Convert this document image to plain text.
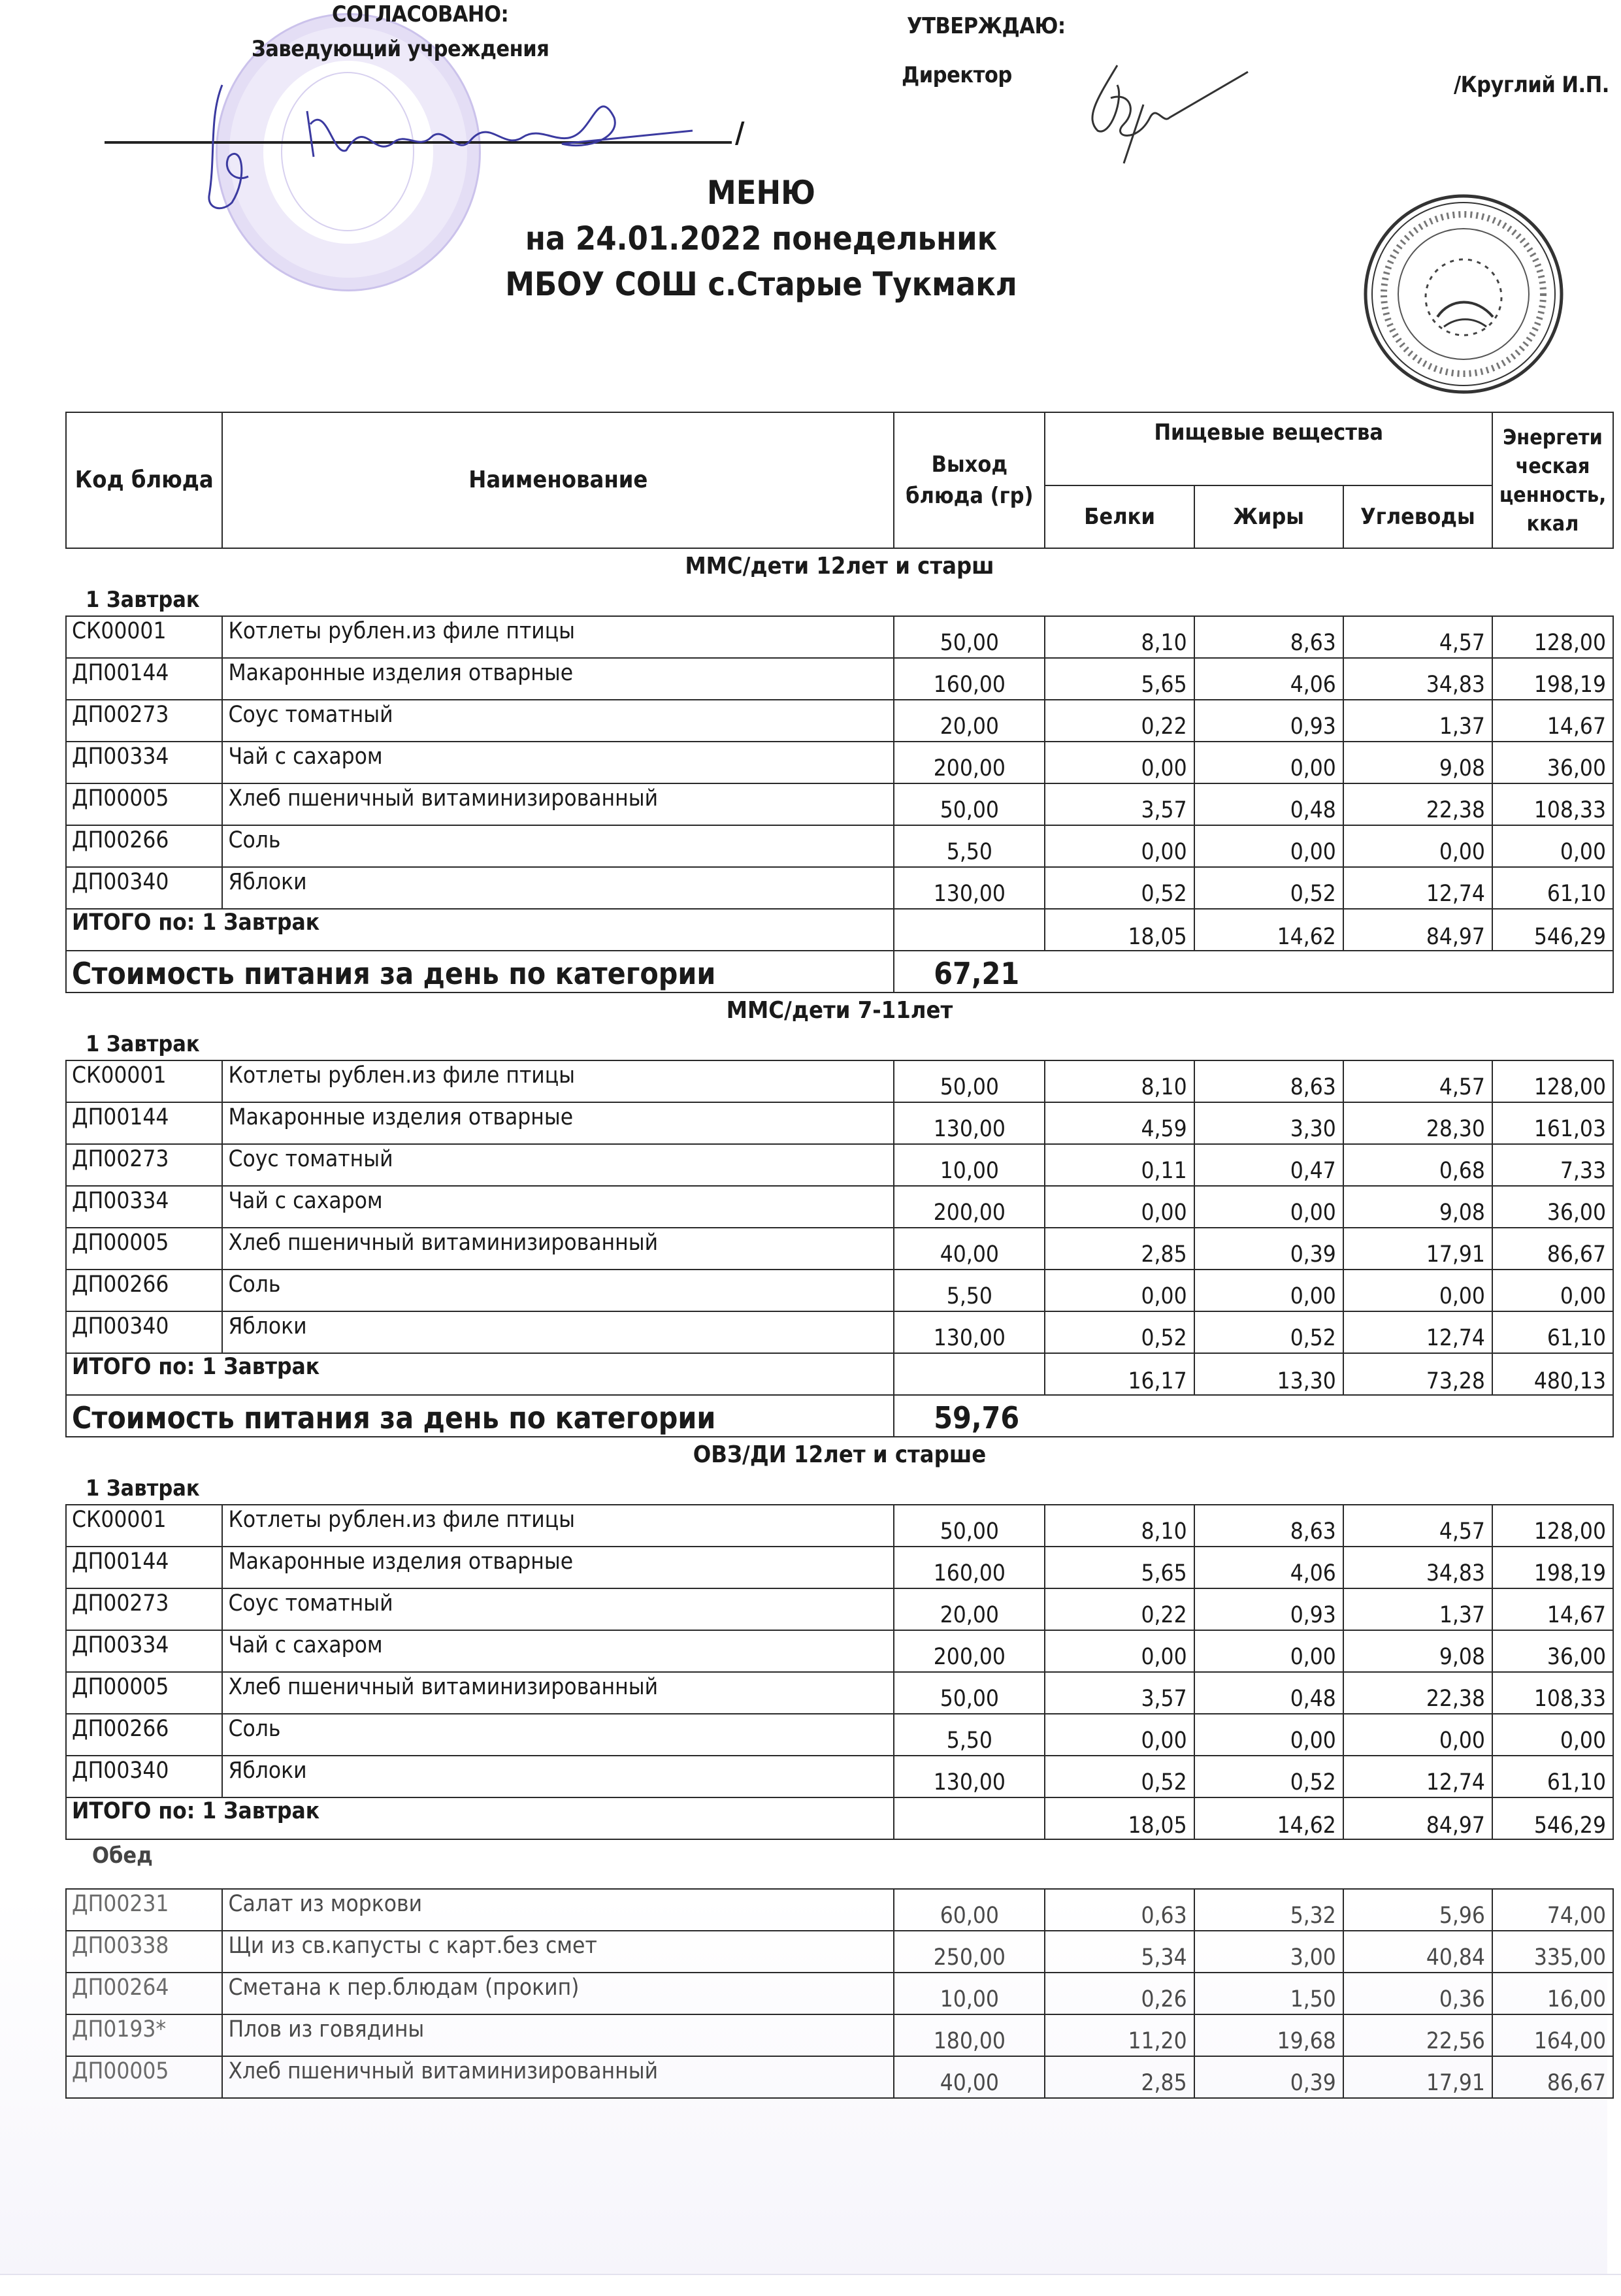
СОГЛАСОВАНО:
Заведующий учреждения
/
УТВЕРЖДАЮ:
Директор	/Круглий И.П.
МЕНЮ
на 24.01.2022 понедельник
МБОУ СОШ с.Старые Тукмакл
Код блюда	Наименование	Выход блюда (гр)	Пищевые вещества			Энергети ческая ценность, ккал
			Белки	Жиры	Углеводы	
ММС/дети 12лет и старш						
1 Завтрак						
СК00001	Котлеты рублен.из филе птицы	50,00	8,10	8,63	4,57	128,00
ДП00144	Макаронные изделия отварные	160,00	5,65	4,06	34,83	198,19
ДП00273	Соус томатный	20,00	0,22	0,93	1,37	14,67
ДП00334	Чай с сахаром	200,00	0,00	0,00	9,08	36,00
ДП00005	Хлеб пшеничный витаминизированный	50,00	3,57	0,48	22,38	108,33
ДП00266	Соль	5,50	0,00	0,00	0,00	0,00
ДП00340	Яблоки	130,00	0,52	0,52	12,74	61,10
ИТОГО по: 1 Завтрак			18,05	14,62	84,97	546,29
Стоимость питания за день по категории		67,21				
ММС/дети 7-11лет						
1 Завтрак						
СК00001	Котлеты рублен.из филе птицы	50,00	8,10	8,63	4,57	128,00
ДП00144	Макаронные изделия отварные	130,00	4,59	3,30	28,30	161,03
ДП00273	Соус томатный	10,00	0,11	0,47	0,68	7,33
ДП00334	Чай с сахаром	200,00	0,00	0,00	9,08	36,00
ДП00005	Хлеб пшеничный витаминизированный	40,00	2,85	0,39	17,91	86,67
ДП00266	Соль	5,50	0,00	0,00	0,00	0,00
ДП00340	Яблоки	130,00	0,52	0,52	12,74	61,10
ИТОГО по: 1 Завтрак			16,17	13,30	73,28	480,13
Стоимость питания за день по категории		59,76				
ОВЗ/ДИ 12лет и старше						
1 Завтрак						
СК00001	Котлеты рублен.из филе птицы	50,00	8,10	8,63	4,57	128,00
ДП00144	Макаронные изделия отварные	160,00	5,65	4,06	34,83	198,19
ДП00273	Соус томатный	20,00	0,22	0,93	1,37	14,67
ДП00334	Чай с сахаром	200,00	0,00	0,00	9,08	36,00
ДП00005	Хлеб пшеничный витаминизированный	50,00	3,57	0,48	22,38	108,33
ДП00266	Соль	5,50	0,00	0,00	0,00	0,00
ДП00340	Яблоки	130,00	0,52	0,52	12,74	61,10
ИТОГО по: 1 Завтрак			18,05	14,62	84,97	546,29
Обед						

ДП00231	Салат из моркови	60,00	0,63	5,32	5,96	74,00
ДП00338	Щи из св.капусты с карт.без смет	250,00	5,34	3,00	40,84	335,00
ДП00264	Сметана к пер.блюдам (прокип)	10,00	0,26	1,50	0,36	16,00
ДП0193*	Плов из говядины	180,00	11,20	19,68	22,56	164,00
ДП00005	Хлеб пшеничный витаминизированный	40,00	2,85	0,39	17,91	86,67
